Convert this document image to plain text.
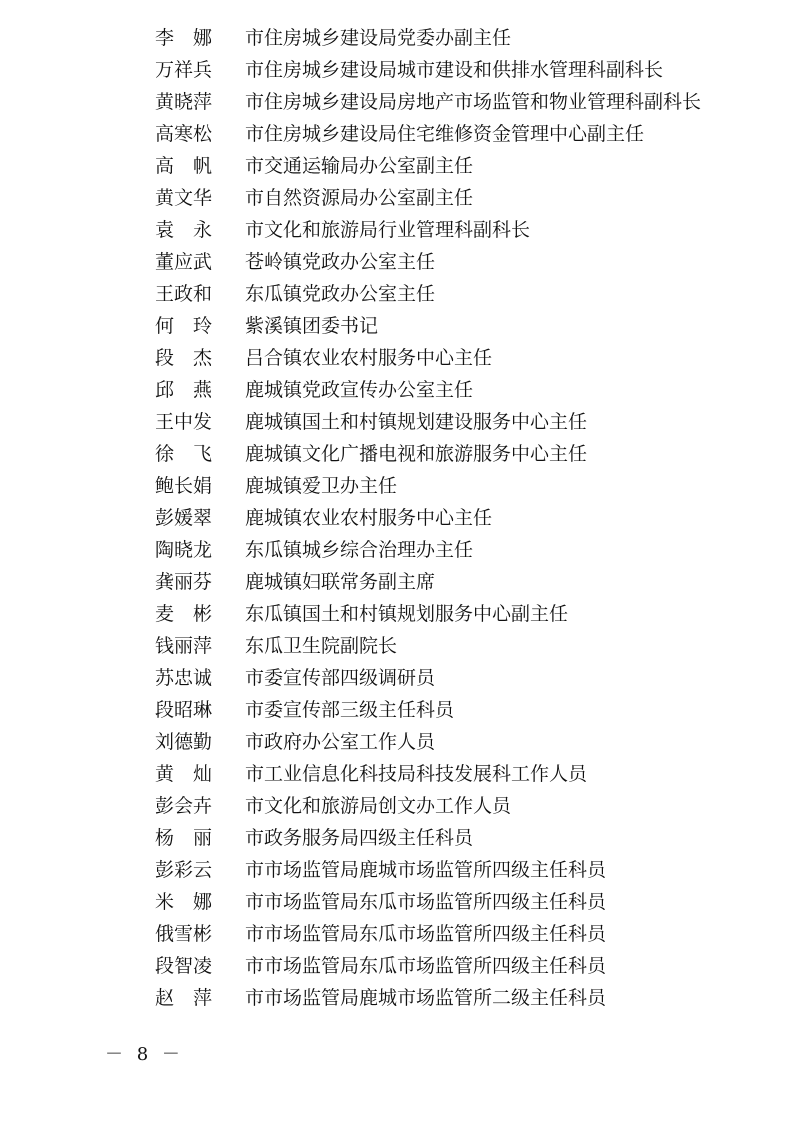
李　娜	市住房城乡建设局党委办副主任
万祥兵	市住房城乡建设局城市建设和供排水管理科副科长
黄晓萍	市住房城乡建设局房地产市场监管和物业管理科副科长
高寒松	市住房城乡建设局住宅维修资金管理中心副主任
高　帆	市交通运输局办公室副主任
黄文华	市自然资源局办公室副主任
袁　永	市文化和旅游局行业管理科副科长
董应武	苍岭镇党政办公室主任
王政和	东瓜镇党政办公室主任
何　玲	紫溪镇团委书记
段　杰	吕合镇农业农村服务中心主任
邱　燕	鹿城镇党政宣传办公室主任
王中发	鹿城镇国土和村镇规划建设服务中心主任
徐　飞	鹿城镇文化广播电视和旅游服务中心主任
鲍长娟	鹿城镇爱卫办主任
彭媛翠	鹿城镇农业农村服务中心主任
陶晓龙	东瓜镇城乡综合治理办主任
龚丽芬	鹿城镇妇联常务副主席
麦　彬	东瓜镇国土和村镇规划服务中心副主任
钱丽萍	东瓜卫生院副院长
苏忠诚	市委宣传部四级调研员
段昭琳	市委宣传部三级主任科员
刘德勤	市政府办公室工作人员
黄　灿	市工业信息化科技局科技发展科工作人员
彭会卉	市文化和旅游局创文办工作人员
杨　丽	市政务服务局四级主任科员
彭彩云	市市场监管局鹿城市场监管所四级主任科员
米　娜	市市场监管局东瓜市场监管所四级主任科员
俄雪彬	市市场监管局东瓜市场监管所四级主任科员
段智凌	市市场监管局东瓜市场监管所四级主任科员
赵　萍	市市场监管局鹿城市场监管所二级主任科员
－ 8 －
